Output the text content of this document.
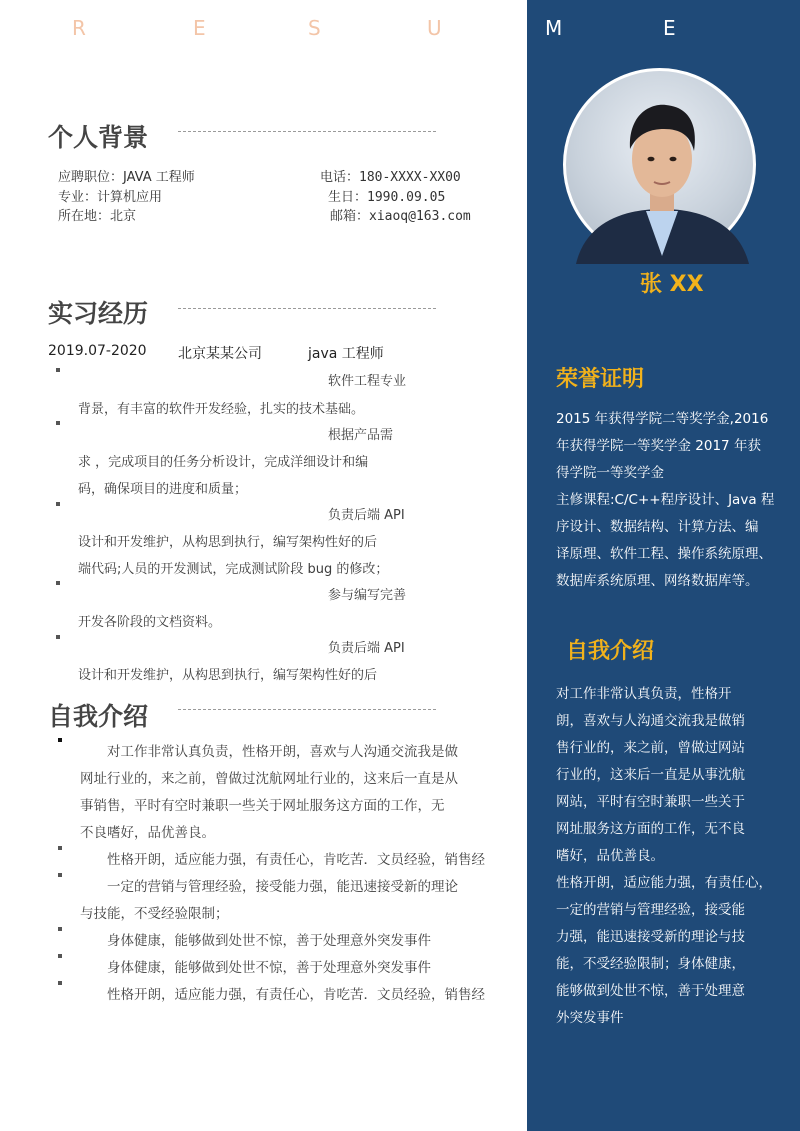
R	E	S	U	M	E
个人背景
应聘职位：JAVA 工程师	电话：180-XXXX-XX00
专业：计算机应用	生日：1990.09.05
所在地：北京	邮箱：xiaoq@163.com
实习经历
2019.07-2020 北京某某公司	java 工程师
软件工程专业
背景，有丰富的软件开发经验，扎实的技术基础。
根据产品需
求 ，完成项目的任务分析设计，完成洋细设计和编
码，确保项目的进度和质量；
负责后端 API
设计和开发维护，从构思到执行，编写架构性好的后
端代码;人员的开发测试，完成测试阶段 bug 的修改；
参与编写完善
开发各阶段的文档资料。
负责后端 API
设计和开发维护，从构思到执行，编写架构性好的后
自我介绍
对工作非常认真负责，性格开朗，喜欢与人沟通交流我是做
网址行业的，来之前，曾做过沈航网址行业的，这来后一直是从
事销售，平时有空时兼职一些关于网址服务这方面的工作，无
不良嗜好，品优善良。
性格开朗，适应能力强，有责任心，肯吃苦．文员经验，销售经
一定的营销与管理经验，接受能力强，能迅速接受新的理论
与技能，不受经验限制；
身体健康，能够做到处世不惊，善于处理意外突发事件
身体健康，能够做到处世不惊，善于处理意外突发事件
性格开朗，适应能力强，有责任心，肯吃苦．文员经验，销售经
张 XX
荣誉证明
2015 年获得学院二等奖学金,2016
年获得学院一等奖学金 2017 年获
得学院一等奖学金
主修课程:C/C++程序设计、Java 程
序设计、数据结构、计算方法、编
译原理、软件工程、操作系统原理、
数据库系统原理、网络数据库等。
自我介绍
对工作非常认真负责，性格开
朗，喜欢与人沟通交流我是做销
售行业的，来之前，曾做过网站
行业的，这来后一直是从事沈航
网站，平时有空时兼职一些关于
网址服务这方面的工作，无不良
嗜好，品优善良。
性格开朗，适应能力强，有责任心，
一定的营销与管理经验，接受能
力强，能迅速接受新的理论与技
能，不受经验限制；身体健康，
能够做到处世不惊，善于处理意
外突发事件
